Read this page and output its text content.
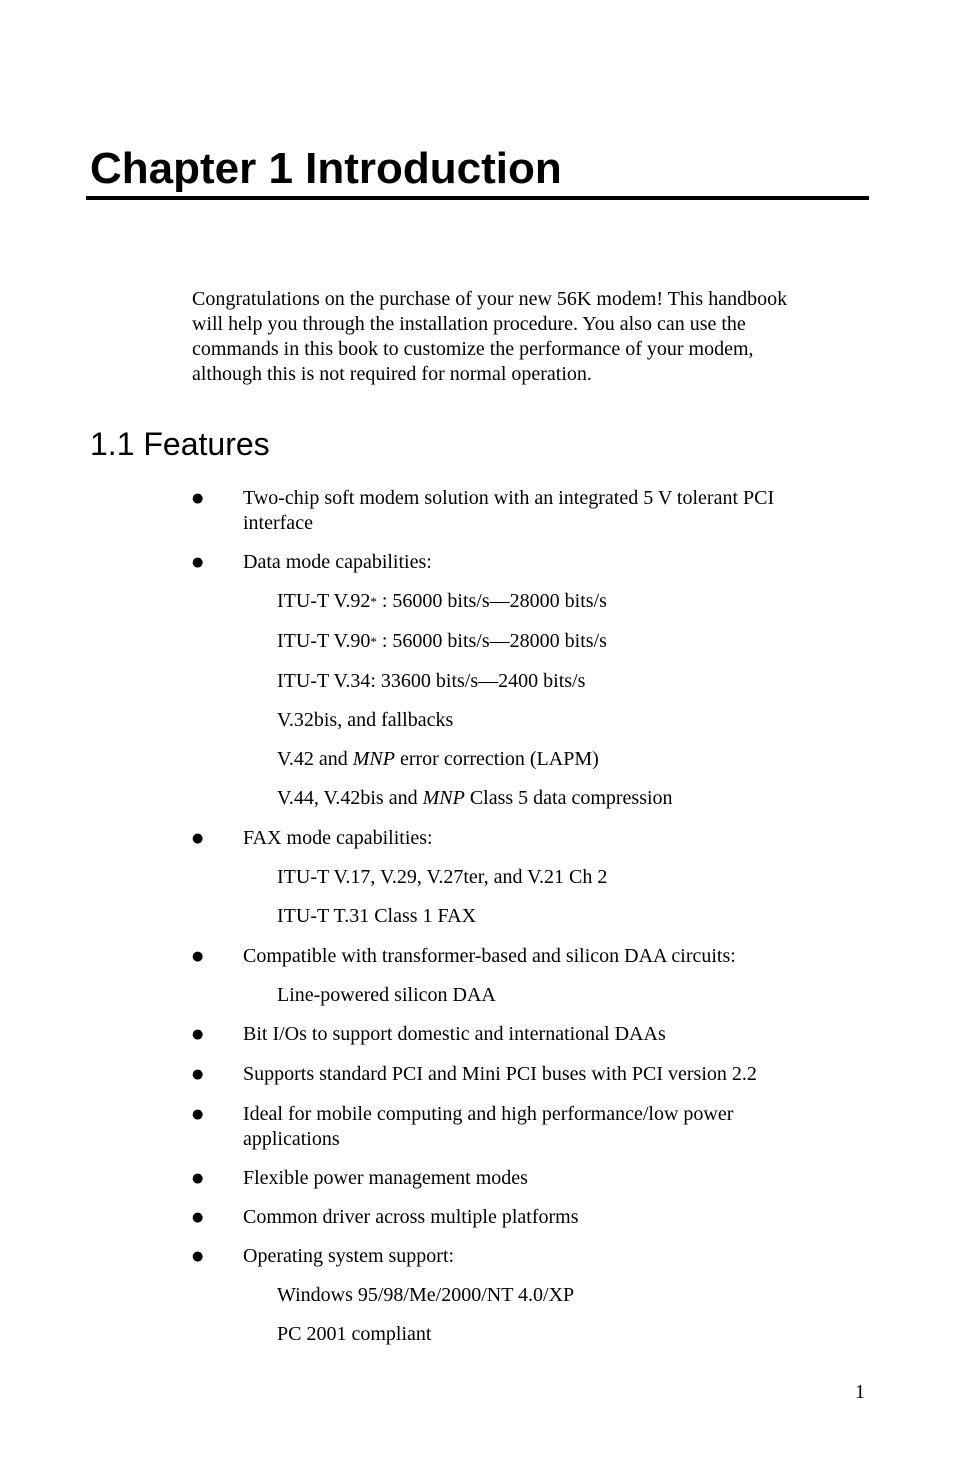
Chapter 1 Introduction

Congratulations on the purchase of your new 56K modem! This handbook
will help you through the installation procedure. You also can use the
commands in this book to customize the performance of your modem,
although this is not required for normal operation.

1.1 Features
● Two-chip soft modem solution with an integrated 5 V tolerant PCI
interface
● Data mode capabilities:
ITU-T V.92* : 56000 bits/s—28000 bits/s
ITU-T V.90* : 56000 bits/s—28000 bits/s
ITU-T V.34: 33600 bits/s—2400 bits/s
V.32bis, and fallbacks
V.42 and MNP error correction (LAPM)
V.44, V.42bis and MNP Class 5 data compression
● FAX mode capabilities:
ITU-T V.17, V.29, V.27ter, and V.21 Ch 2
ITU-T T.31 Class 1 FAX
● Compatible with transformer-based and silicon DAA circuits:
Line-powered silicon DAA
● Bit I/Os to support domestic and international DAAs
● Supports standard PCI and Mini PCI buses with PCI version 2.2
● Ideal for mobile computing and high performance/low power
applications
● Flexible power management modes
● Common driver across multiple platforms
● Operating system support:
Windows 95/98/Me/2000/NT 4.0/XP
PC 2001 compliant
1
